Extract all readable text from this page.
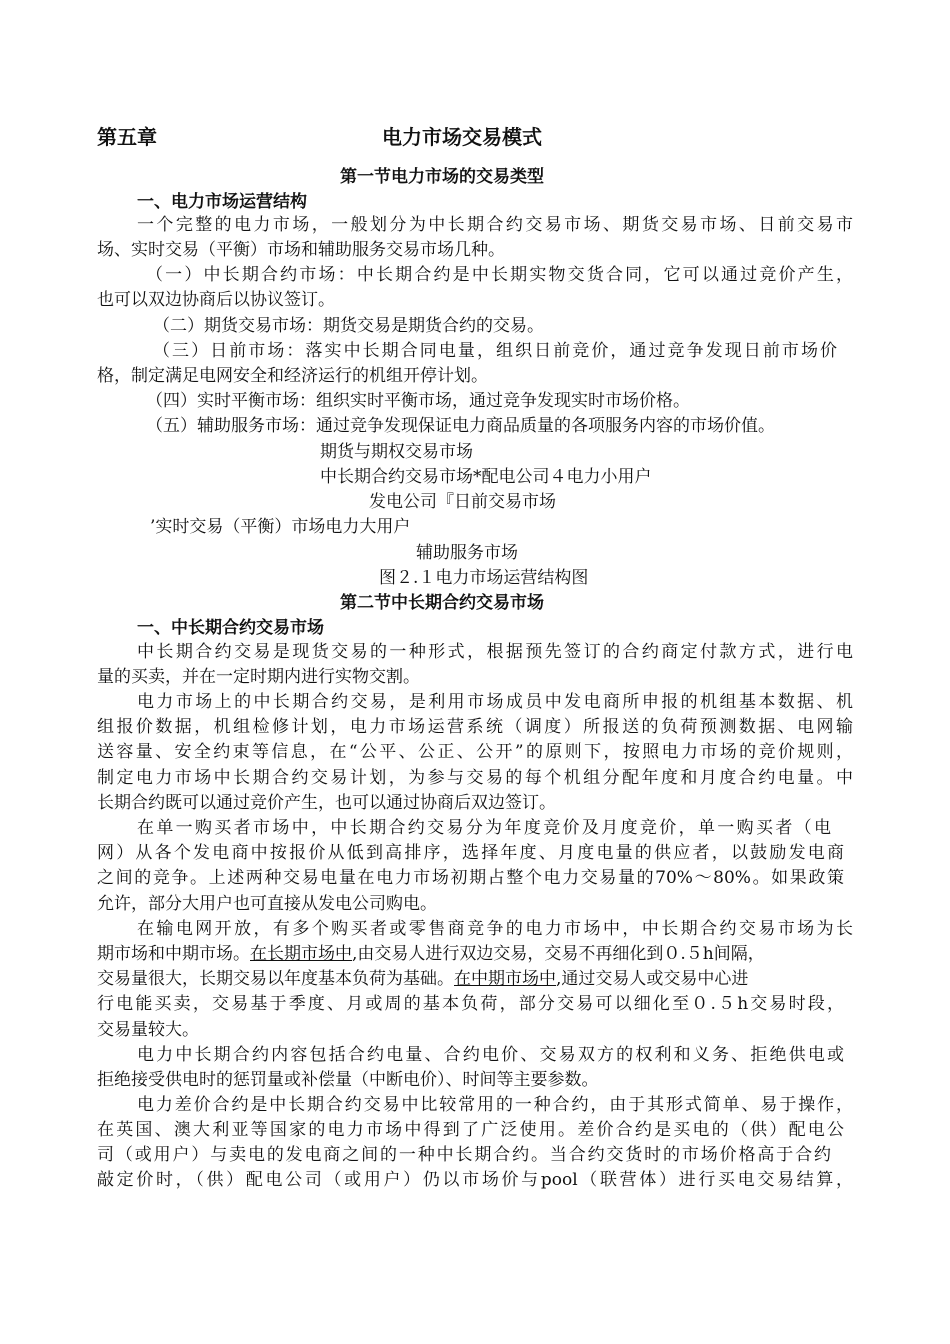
第五章	电力市场交易模式
第一节电力市场的交易类型
一、电力市场运营结构
一个完整的电力市场，一般划分为中长期合约交易市场、期货交易市场、日前交易市
场、实时交易（平衡）市场和辅助服务交易市场几种。
（一）中长期合约市场：中长期合约是中长期实物交货合同，它可以通过竞价产生，
也可以双边协商后以协议签订。
（二）期货交易市场：期货交易是期货合约的交易。
（三）日前市场：落实中长期合同电量，组织日前竞价，通过竞争发现日前市场价
格，制定满足电网安全和经济运行的机组开停计划。
（四）实时平衡市场：组织实时平衡市场，通过竞争发现实时市场价格。
（五）辅助服务市场：通过竞争发现保证电力商品质量的各项服务内容的市场价值。
期货与期权交易市场
中长期合约交易市场*配电公司４电力小用户
发电公司『日前交易市场
’实时交易（平衡）市场电力大用户
辅助服务市场
图２.１电力市场运营结构图
第二节中长期合约交易市场
一、中长期合约交易市场
中长期合约交易是现货交易的一种形式，根据预先签订的合约商定付款方式，进行电
量的买卖，并在一定时期内进行实物交割。
电力市场上的中长期合约交易，是利用市场成员中发电商所申报的机组基本数据、机
组报价数据，机组检修计划，电力市场运营系统（调度）所报送的负荷预测数据、电网输
送容量、安全约束等信息，在“公平、公正、公开”的原则下，按照电力市场的竞价规则，
制定电力市场中长期合约交易计划，为参与交易的每个机组分配年度和月度合约电量。中
长期合约既可以通过竞价产生，也可以通过协商后双边签订。
在单一购买者市场中，中长期合约交易分为年度竞价及月度竞价，单一购买者（电
网）从各个发电商中按报价从低到高排序，选择年度、月度电量的供应者，以鼓励发电商
之间的竞争。上述两种交易电量在电力市场初期占整个电力交易量的70%〜80%。如果政策
允许，部分大用户也可直接从发电公司购电。
在输电网开放，有多个购买者或零售商竞争的电力市场中，中长期合约交易市场为长
期市场和中期市场。在长期市场中,由交易人进行双边交易，交易不再细化到０.５h间隔，
交易量很大，长期交易以年度基本负荷为基础。在中期市场中,通过交易人或交易中心进
行电能买卖，交易基于季度、月或周的基本负荷，部分交易可以细化至０.５h交易时段，
交易量较大。
电力中长期合约内容包括合约电量、合约电价、交易双方的权利和义务、拒绝供电或
拒绝接受供电时的惩罚量或补偿量（中断电价）、时间等主要参数。
电力差价合约是中长期合约交易中比较常用的一种合约，由于其形式简单、易于操作，
在英国、澳大利亚等国家的电力市场中得到了广泛使用。差价合约是买电的（供）配电公
司（或用户）与卖电的发电商之间的一种中长期合约。当合约交货时的市场价格高于合约
敲定价时，（供）配电公司（或用户）仍以市场价与pool（联营体）进行买电交易结算，
